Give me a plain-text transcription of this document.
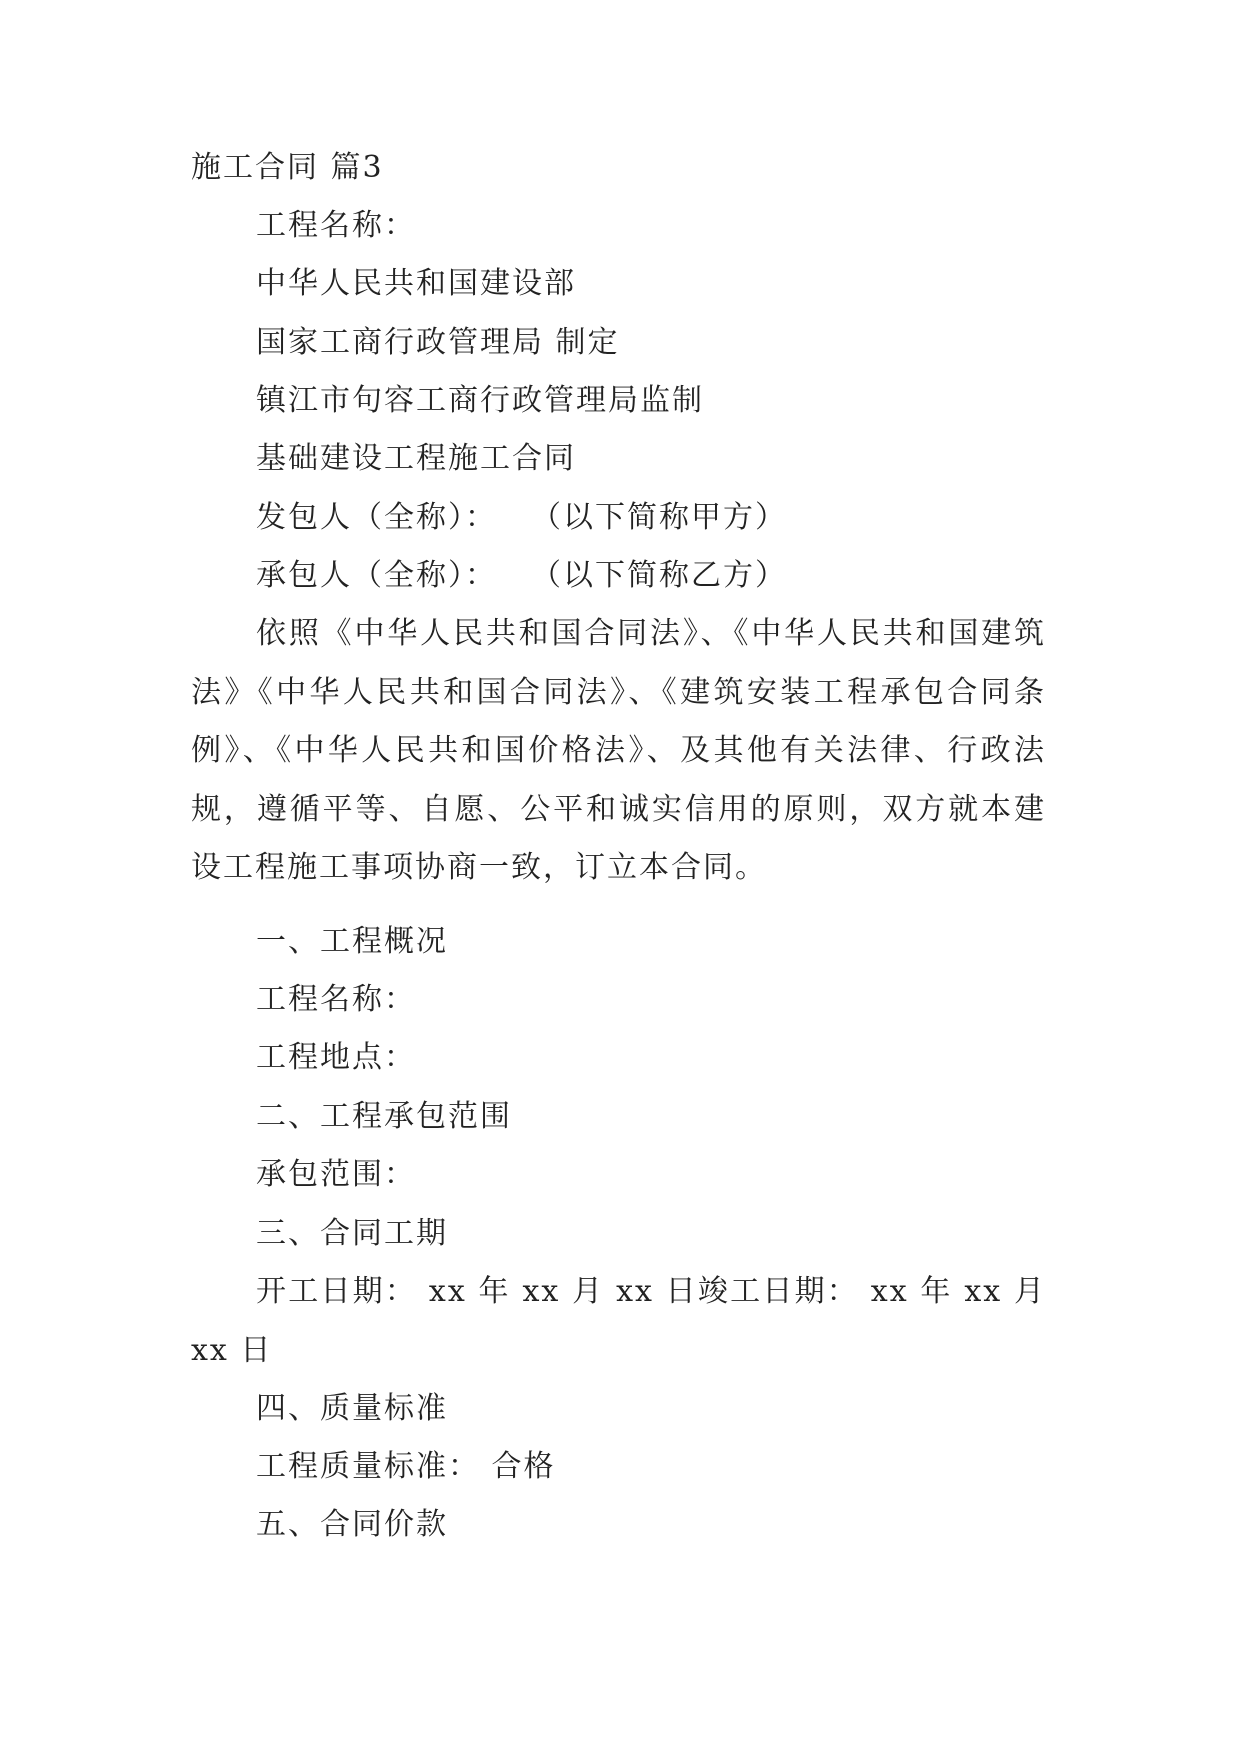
施工合同 篇3
工程名称：
中华人民共和国建设部
国家工商行政管理局 制定
镇江市句容工商行政管理局监制
基础建设工程施工合同
发包人（全称）： （以下简称甲方）
承包人（全称）： （以下简称乙方）
依照《中华人民共和国合同法》、《中华人民共和国建筑法》《中华人民共和国合同法》、《建筑安装工程承包合同条例》、《中华人民共和国价格法》、及其他有关法律、行政法规，遵循平等、自愿、公平和诚实信用的原则，双方就本建设工程施工事项协商一致，订立本合同。
一、工程概况
工程名称：
工程地点：
二、工程承包范围
承包范围：
三、合同工期
开工日期： xx 年 xx 月 xx 日竣工日期： xx 年 xx 月 xx 日
四、质量标准
工程质量标准： 合格
五、合同价款
